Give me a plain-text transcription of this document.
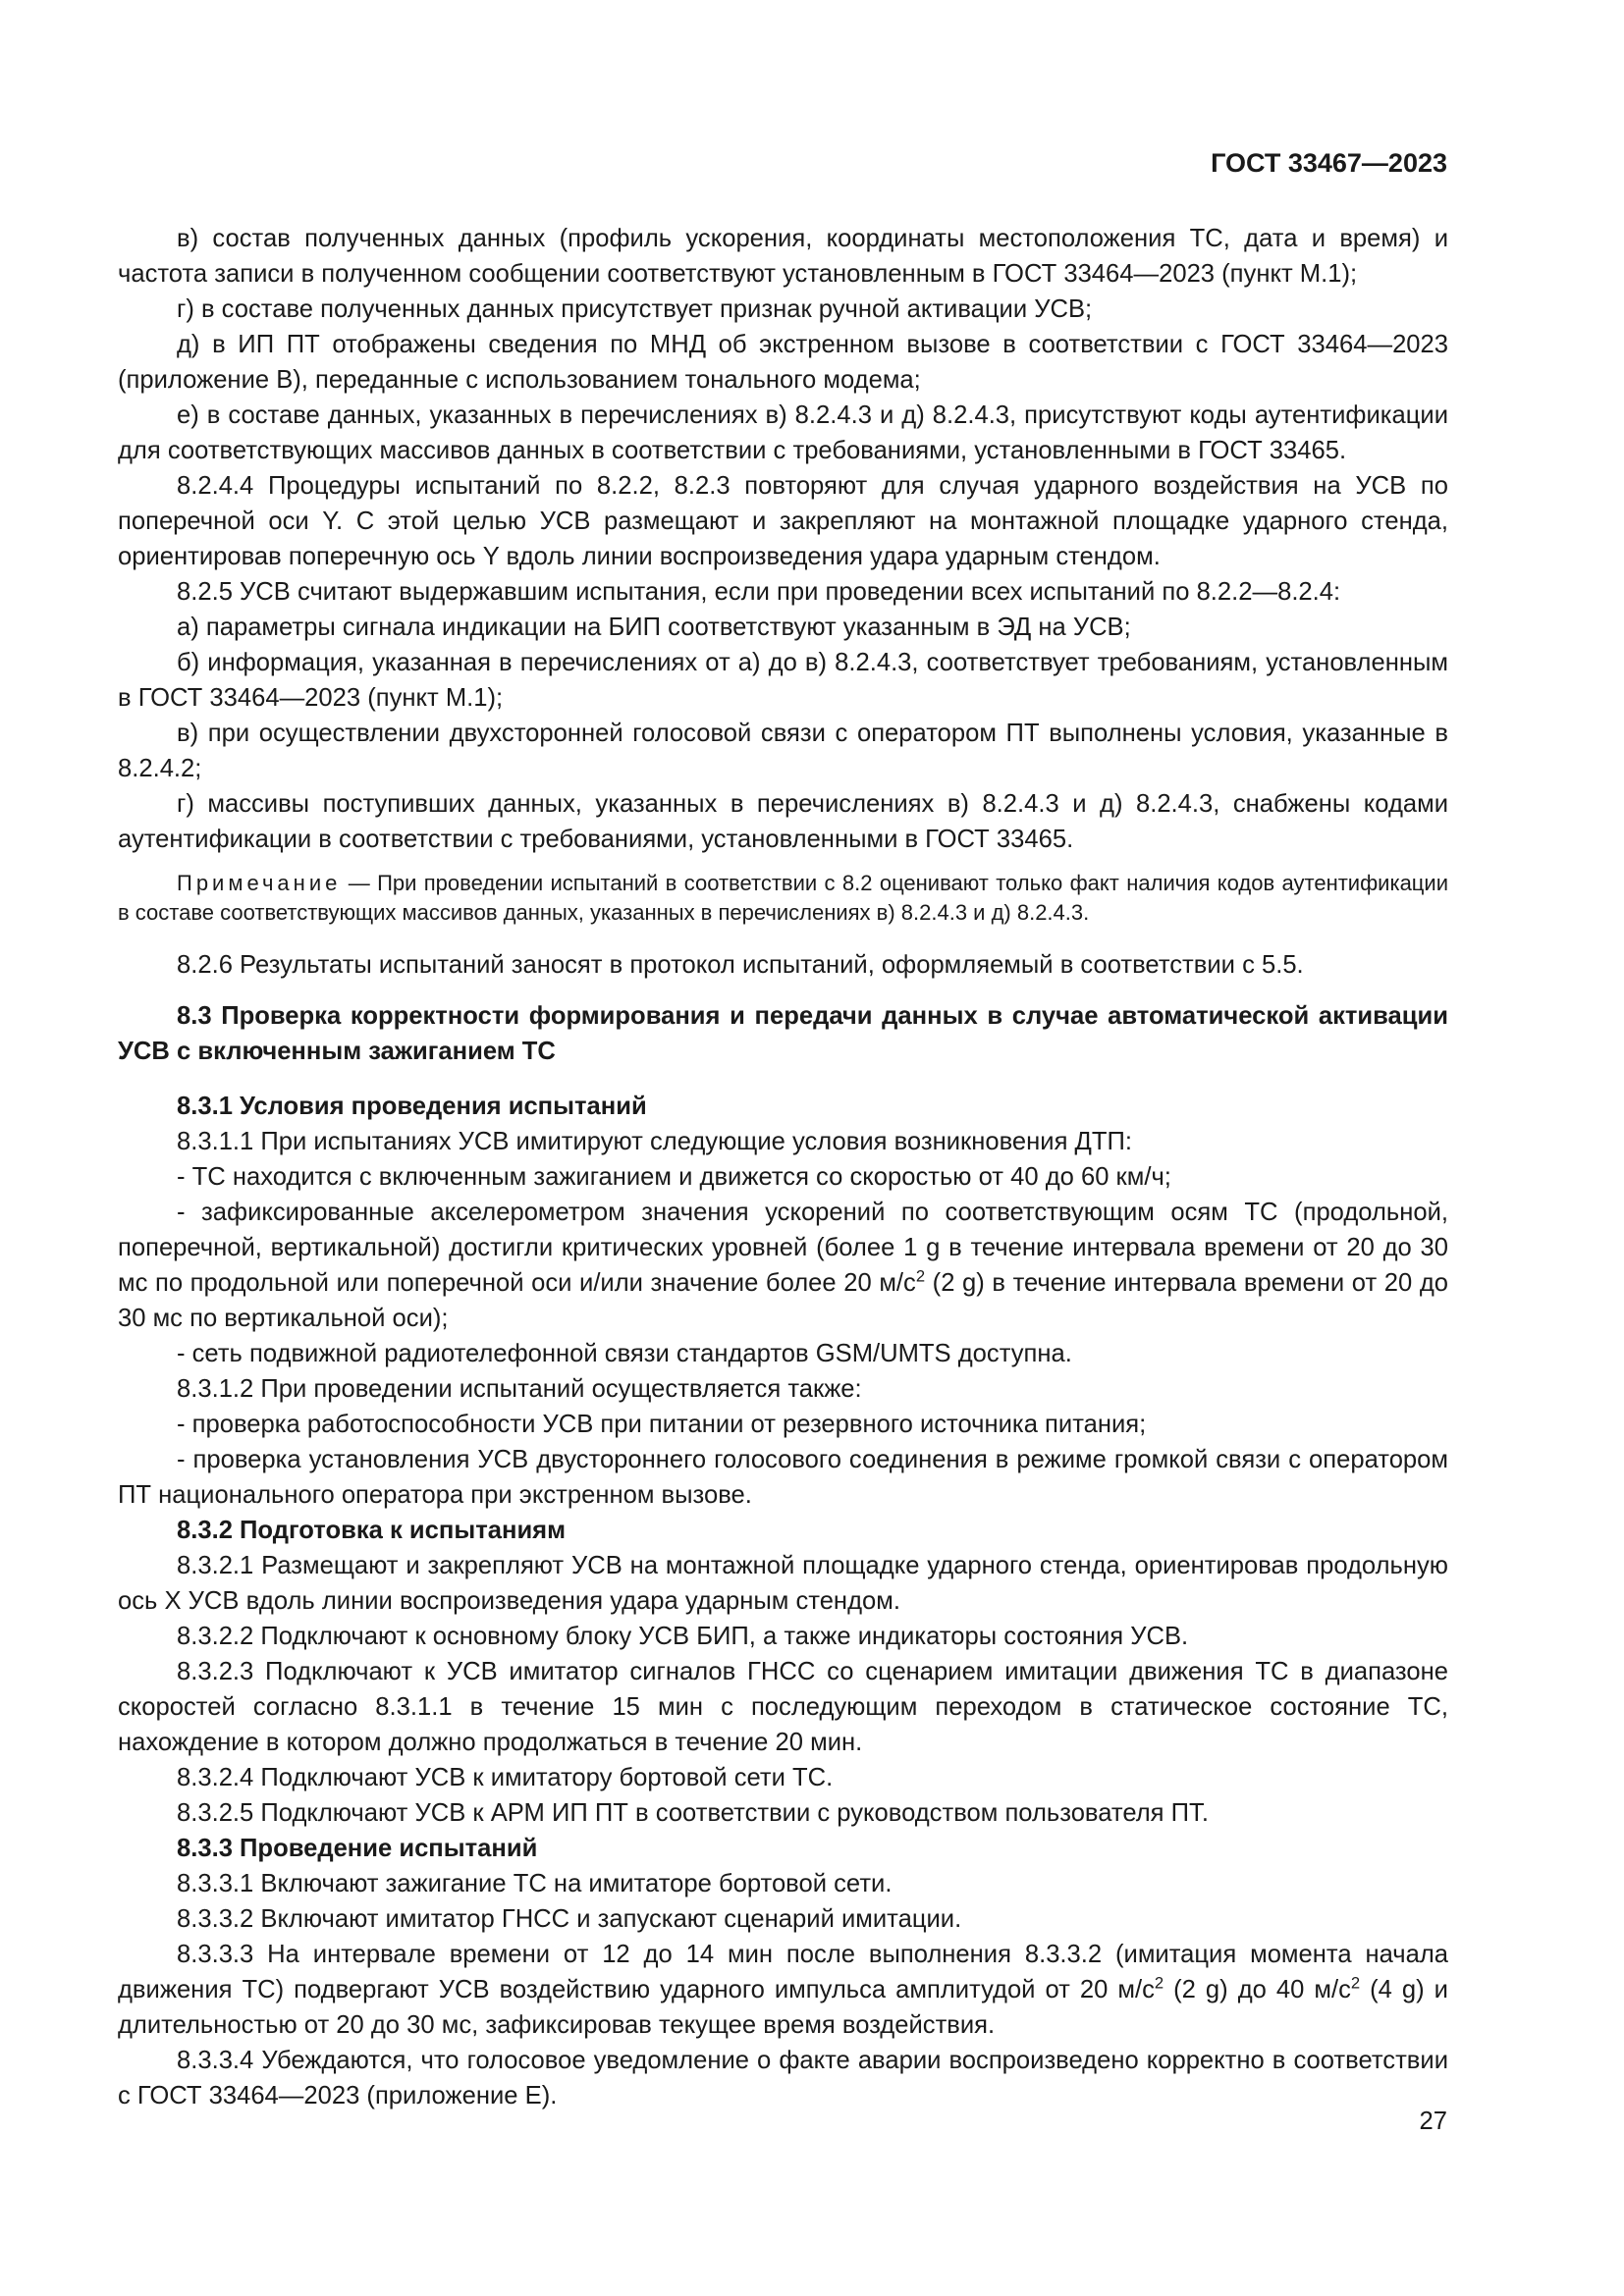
ГОСТ 33467—2023

в) состав полученных данных (профиль ускорения, координаты местоположения ТС, дата и время) и частота записи в полученном сообщении соответствуют установленным в ГОСТ 33464—2023 (пункт М.1);

г) в составе полученных данных присутствует признак ручной активации УСВ;

д) в ИП ПТ отображены сведения по МНД об экстренном вызове в соответствии с ГОСТ 33464—2023 (приложение В), переданные с использованием тонального модема;

е) в составе данных, указанных в перечислениях в) 8.2.4.3 и д) 8.2.4.3, присутствуют коды аутентификации для соответствующих массивов данных в соответствии с требованиями, установленными в ГОСТ 33465.

8.2.4.4 Процедуры испытаний по 8.2.2, 8.2.3 повторяют для случая ударного воздействия на УСВ по поперечной оси Y. С этой целью УСВ размещают и закрепляют на монтажной площадке ударного стенда, ориентировав поперечную ось Y вдоль линии воспроизведения удара ударным стендом.

8.2.5 УСВ считают выдержавшим испытания, если при проведении всех испытаний по 8.2.2—8.2.4:

а) параметры сигнала индикации на БИП соответствуют указанным в ЭД на УСВ;

б) информация, указанная в перечислениях от а) до в) 8.2.4.3, соответствует требованиям, установленным в ГОСТ 33464—2023 (пункт М.1);

в) при осуществлении двухсторонней голосовой связи с оператором ПТ выполнены условия, указанные в 8.2.4.2;

г) массивы поступивших данных, указанных в перечислениях в) 8.2.4.3 и д) 8.2.4.3, снабжены кодами аутентификации в соответствии с требованиями, установленными в ГОСТ 33465.

Примечание — При проведении испытаний в соответствии с 8.2 оценивают только факт наличия кодов аутентификации в составе соответствующих массивов данных, указанных в перечислениях в) 8.2.4.3 и д) 8.2.4.3.

8.2.6 Результаты испытаний заносят в протокол испытаний, оформляемый в соответствии с 5.5.

8.3 Проверка корректности формирования и передачи данных в случае автоматической активации УСВ с включенным зажиганием ТС

8.3.1 Условия проведения испытаний

8.3.1.1 При испытаниях УСВ имитируют следующие условия возникновения ДТП:

- ТС находится с включенным зажиганием и движется со скоростью от 40 до 60 км/ч;

- зафиксированные акселерометром значения ускорений по соответствующим осям ТС (продольной, поперечной, вертикальной) достигли критических уровней (более 1 g в течение интервала времени от 20 до 30 мс по продольной или поперечной оси и/или значение более 20 $м/с^2$ (2 g) в течение интервала времени от 20 до 30 мс по вертикальной оси);

- сеть подвижной радиотелефонной связи стандартов GSM/UMTS доступна.

8.3.1.2 При проведении испытаний осуществляется также:

- проверка работоспособности УСВ при питании от резервного источника питания;

- проверка установления УСВ двустороннего голосового соединения в режиме громкой связи с оператором ПТ национального оператора при экстренном вызове.

8.3.2 Подготовка к испытаниям

8.3.2.1 Размещают и закрепляют УСВ на монтажной площадке ударного стенда, ориентировав продольную ось X УСВ вдоль линии воспроизведения удара ударным стендом.

8.3.2.2 Подключают к основному блоку УСВ БИП, а также индикаторы состояния УСВ.

8.3.2.3 Подключают к УСВ имитатор сигналов ГНСС со сценарием имитации движения ТС в диапазоне скоростей согласно 8.3.1.1 в течение 15 мин с последующим переходом в статическое состояние ТС, нахождение в котором должно продолжаться в течение 20 мин.

8.3.2.4 Подключают УСВ к имитатору бортовой сети ТС.

8.3.2.5 Подключают УСВ к АРМ ИП ПТ в соответствии с руководством пользователя ПТ.

8.3.3 Проведение испытаний

8.3.3.1 Включают зажигание ТС на имитаторе бортовой сети.

8.3.3.2 Включают имитатор ГНСС и запускают сценарий имитации.

8.3.3.3 На интервале времени от 12 до 14 мин после выполнения 8.3.3.2 (имитация момента начала движения ТС) подвергают УСВ воздействию ударного импульса амплитудой от 20 $м/с^2$ (2 g) до 40 $м/с^2$ (4 g) и длительностью от 20 до 30 мс, зафиксировав текущее время воздействия.

8.3.3.4 Убеждаются, что голосовое уведомление о факте аварии воспроизведено корректно в соответствии с ГОСТ 33464—2023 (приложение Е).

27
